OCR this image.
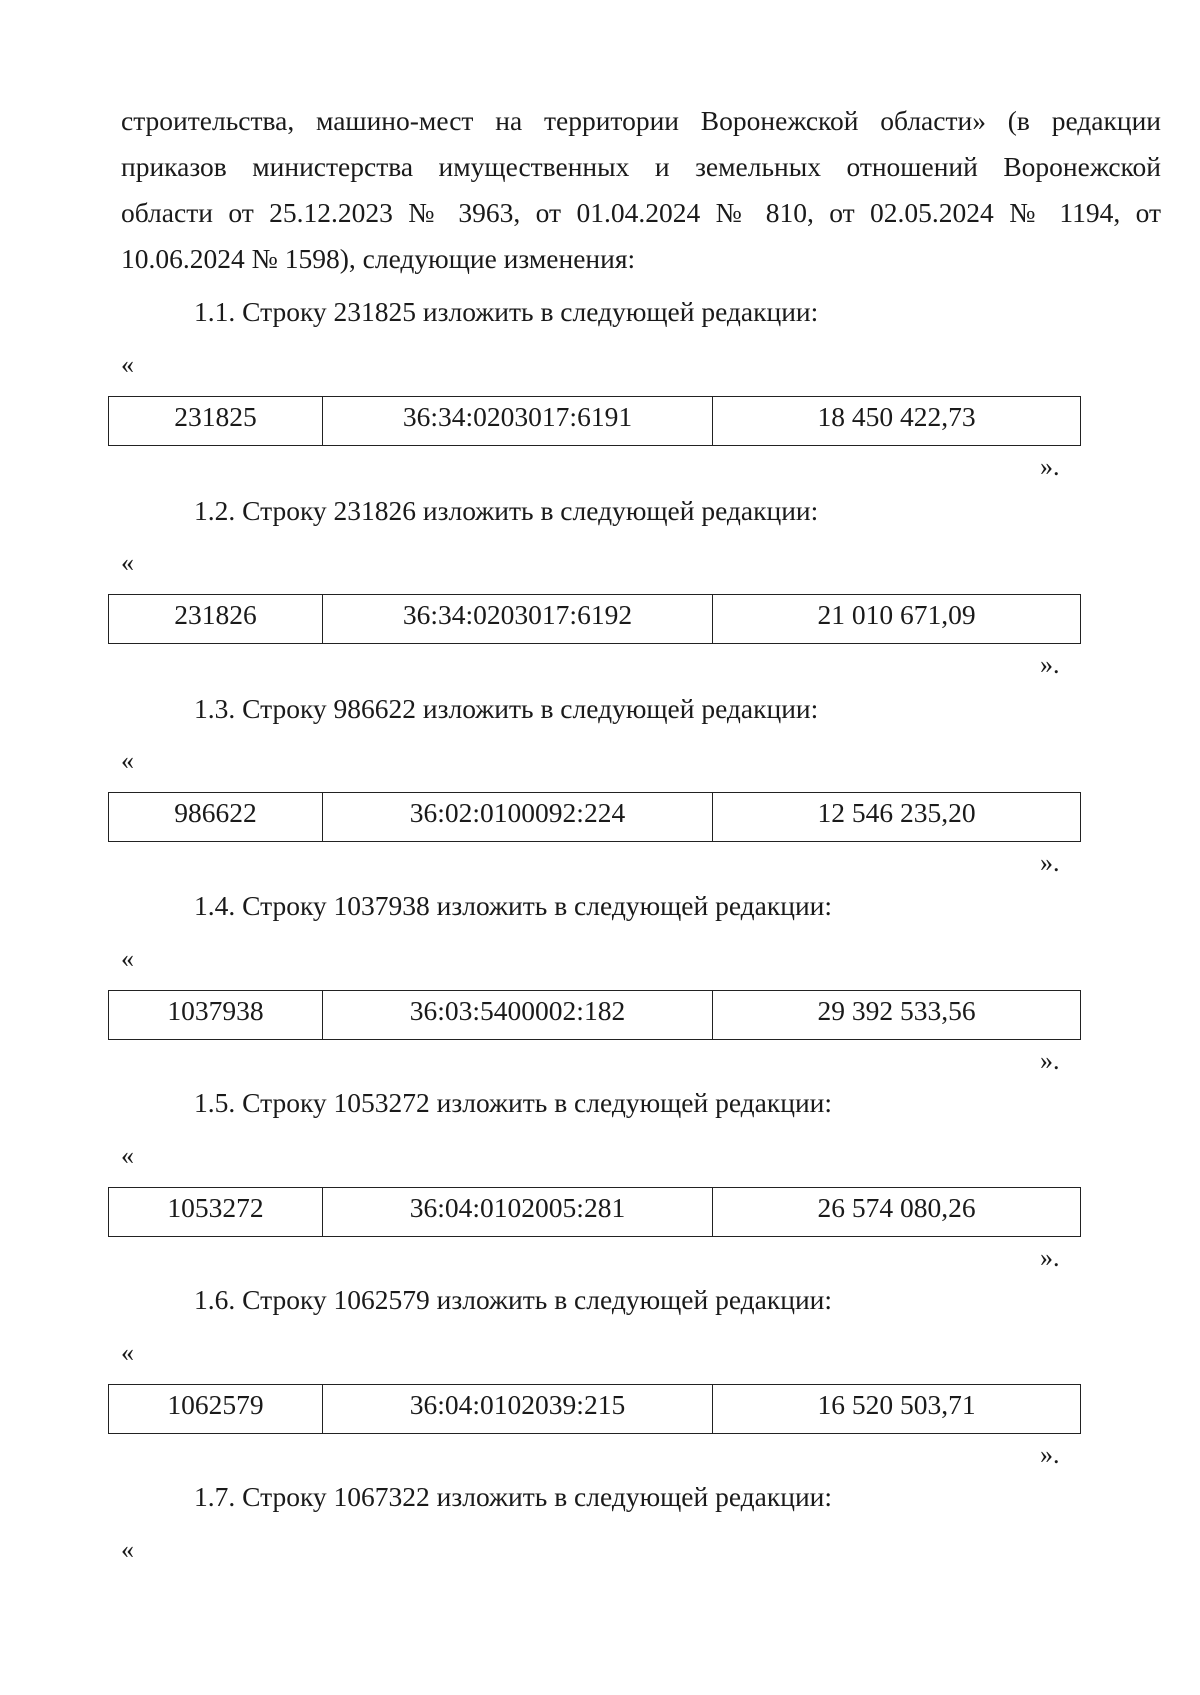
строительства, машино-мест на территории Воронежской области» (в редакции
приказов министерства имущественных и земельных отношений Воронежской
области от 25.12.2023 № 3963, от 01.04.2024 № 810, от 02.05.2024 № 1194, от
10.06.2024 № 1598), следующие изменения:

1.1. Строку 231825 изложить в следующей редакции:

«

231825	36:34:0203017:6191	18 450 422,73

».

1.2. Строку 231826 изложить в следующей редакции:

«

231826	36:34:0203017:6192	21 010 671,09

».

1.3. Строку 986622 изложить в следующей редакции:

«

986622	36:02:0100092:224	12 546 235,20

».

1.4. Строку 1037938 изложить в следующей редакции:

«

1037938	36:03:5400002:182	29 392 533,56

».

1.5. Строку 1053272 изложить в следующей редакции:

«

1053272	36:04:0102005:281	26 574 080,26

».

1.6. Строку 1062579 изложить в следующей редакции:

«

1062579	36:04:0102039:215	16 520 503,71

».

1.7. Строку 1067322 изложить в следующей редакции:

«
